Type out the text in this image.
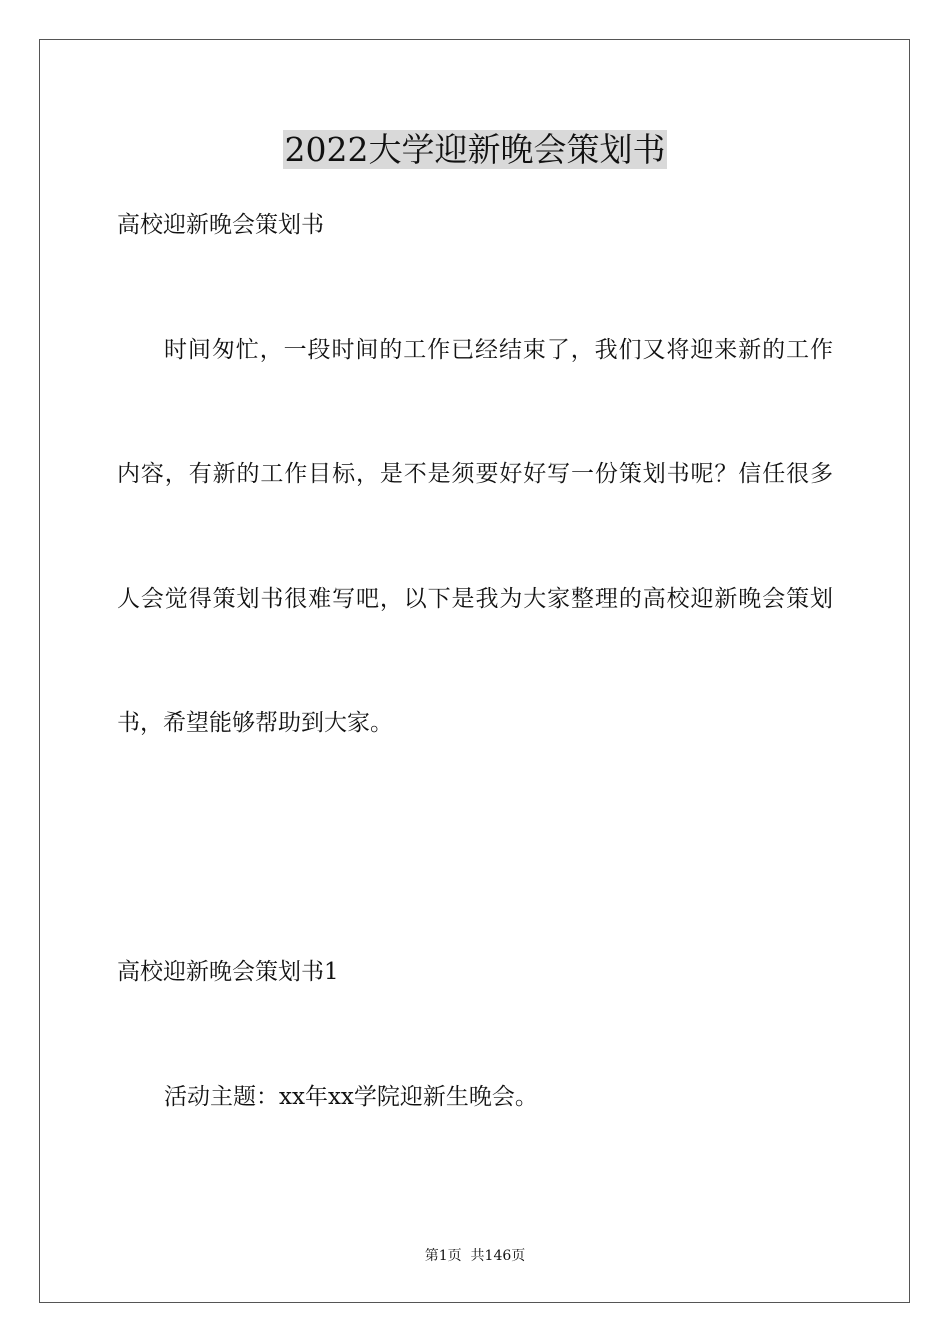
2022大学迎新晚会策划书
高校迎新晚会策划书
时间匆忙，一段时间的工作已经结束了，我们又将迎来新的工作
内容，有新的工作目标，是不是须要好好写一份策划书呢？信任很多
人会觉得策划书很难写吧，以下是我为大家整理的高校迎新晚会策划
书，希望能够帮助到大家。
高校迎新晚会策划书1
活动主题：xx年xx学院迎新生晚会。
第1页  共146页
